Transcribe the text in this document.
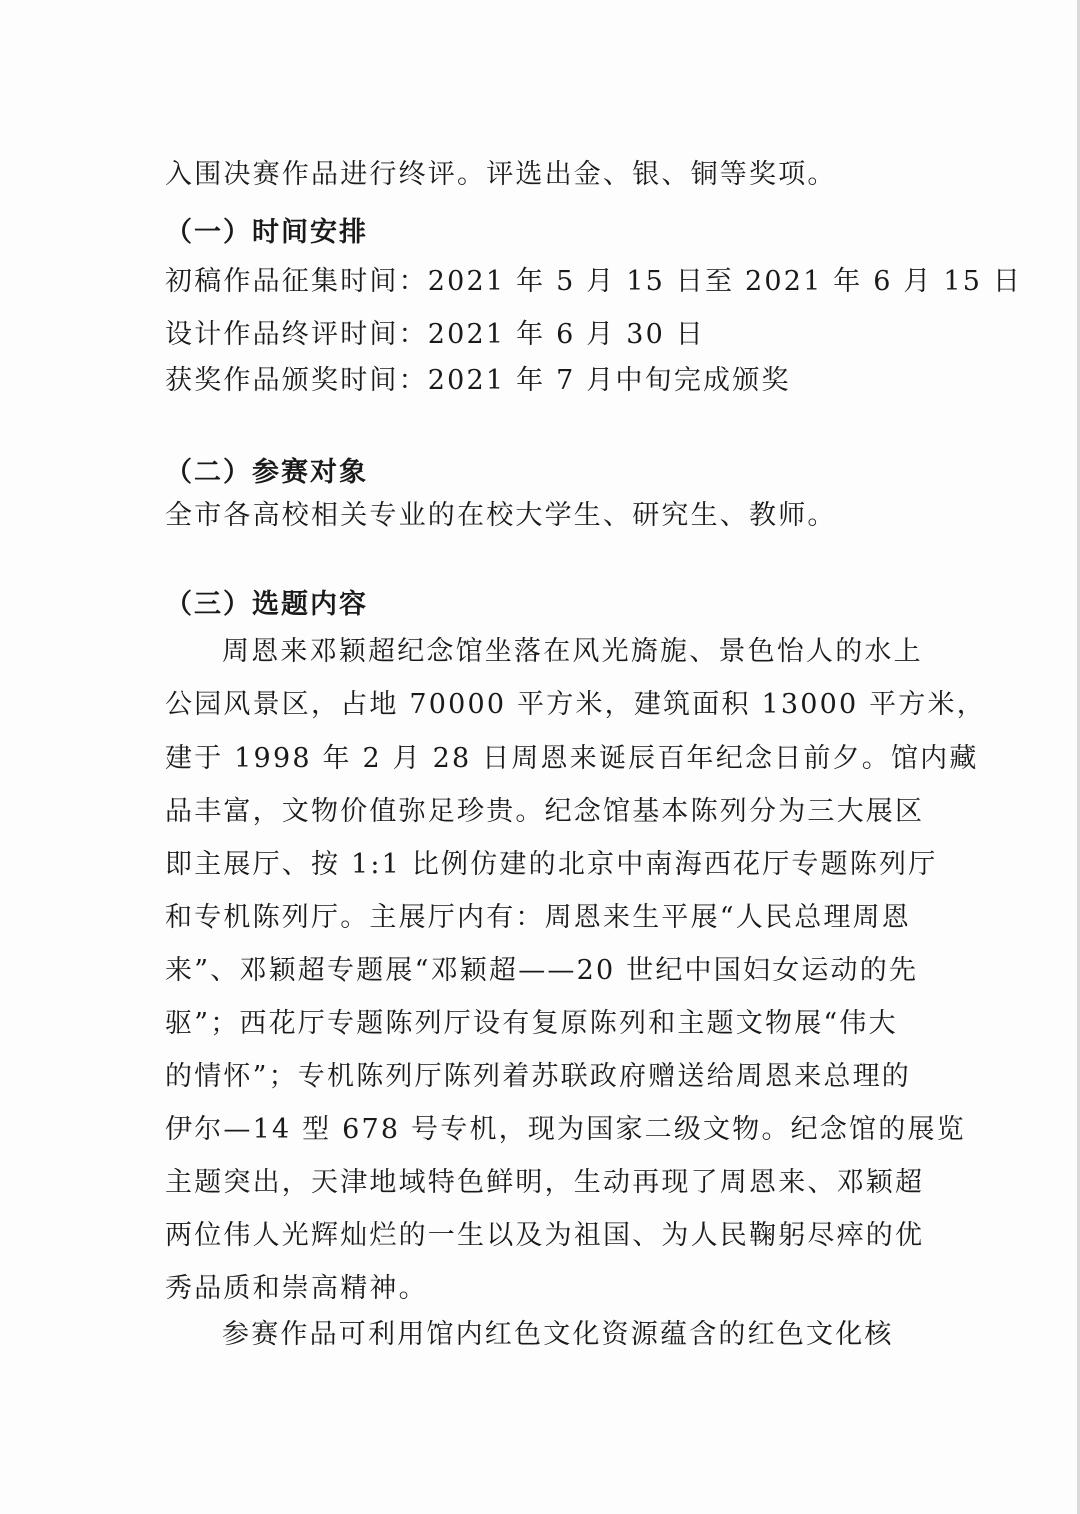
入围决赛作品进行终评。评选出金、银、铜等奖项。
（一）时间安排
初稿作品征集时间：2021 年 5 月 15 日至 2021 年 6 月 15 日
设计作品终评时间：2021 年 6 月 30 日
获奖作品颁奖时间：2021 年 7 月中旬完成颁奖
（二）参赛对象
全市各高校相关专业的在校大学生、研究生、教师。
（三）选题内容
周恩来邓颖超纪念馆坐落在风光旖旎、景色怡人的水上
公园风景区，占地 70000 平方米，建筑面积 13000 平方米，
建于 1998 年 2 月 28 日周恩来诞辰百年纪念日前夕。馆内藏
品丰富，文物价值弥足珍贵。纪念馆基本陈列分为三大展区
即主展厅、按 1:1 比例仿建的北京中南海西花厅专题陈列厅
和专机陈列厅。主展厅内有：周恩来生平展“人民总理周恩
来”、邓颖超专题展“邓颖超——20 世纪中国妇女运动的先
驱”；西花厅专题陈列厅设有复原陈列和主题文物展“伟大
的情怀”；专机陈列厅陈列着苏联政府赠送给周恩来总理的
伊尔—14 型 678 号专机，现为国家二级文物。纪念馆的展览
主题突出，天津地域特色鲜明，生动再现了周恩来、邓颖超
两位伟人光辉灿烂的一生以及为祖国、为人民鞠躬尽瘁的优
秀品质和崇高精神。
参赛作品可利用馆内红色文化资源蕴含的红色文化核
